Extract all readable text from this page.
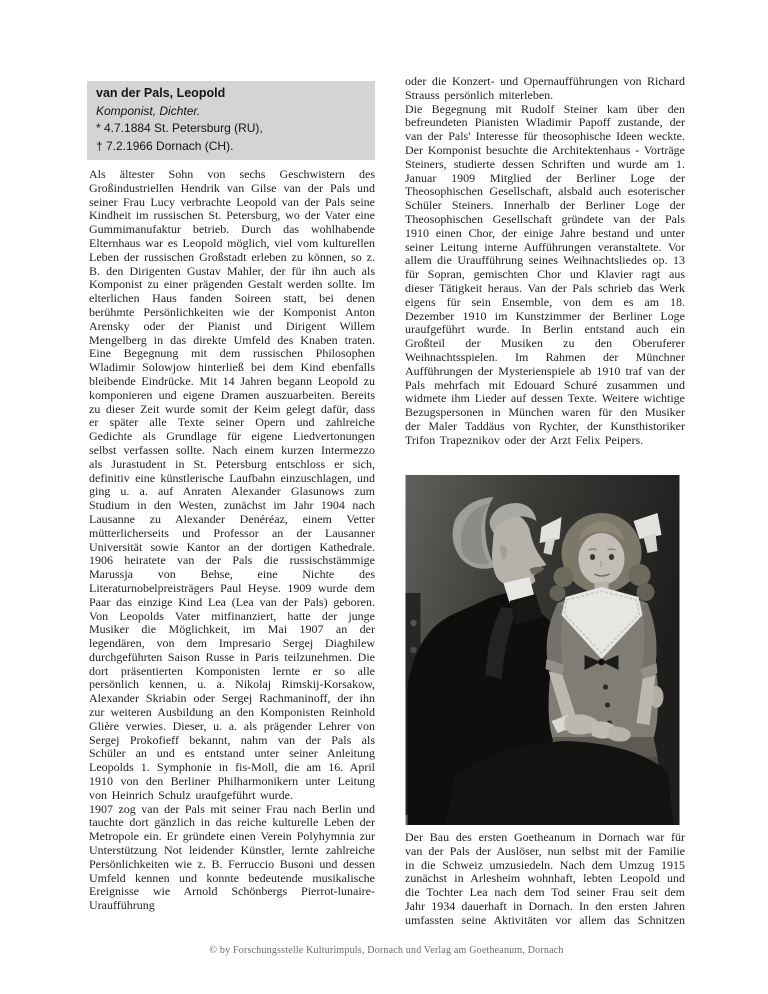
van der Pals, Leopold

Komponist, Dichter.

* 4.7.1884 St. Petersburg (RU),

† 7.2.1966 Dornach (CH).

Als ältester Sohn von sechs Geschwistern des Großindustriellen Hendrik van Gilse van der Pals und seiner Frau Lucy verbrachte Leopold van der Pals seine Kindheit im russischen St. Petersburg, wo der Vater eine Gummimanufaktur betrieb. Durch das wohlhabende Elternhaus war es Leopold möglich, viel vom kulturellen Leben der russischen Großstadt erleben zu können, so z. B. den Dirigenten Gustav Mahler, der für ihn auch als Komponist zu einer prägenden Gestalt werden sollte. Im elterlichen Haus fanden Soireen statt, bei denen berühmte Persönlichkeiten wie der Komponist Anton Arensky oder der Pianist und Dirigent Willem Mengelberg in das direkte Umfeld des Knaben traten. Eine Begegnung mit dem russischen Philosophen Wladimir Solowjow hinterließ bei dem Kind ebenfalls bleibende Eindrücke. Mit 14 Jahren begann Leopold zu komponieren und eigene Dramen auszuarbeiten. Bereits zu dieser Zeit wurde somit der Keim gelegt dafür, dass er später alle Texte seiner Opern und zahlreiche Gedichte als Grundlage für eigene Liedvertonungen selbst verfassen sollte. Nach einem kurzen Intermezzo als Jurastudent in St. Petersburg entschloss er sich, definitiv eine künstlerische Laufbahn einzuschlagen, und ging u. a. auf Anraten Alexander Glasunows zum Studium in den Westen, zunächst im Jahr 1904 nach Lausanne zu Alexander Denéréaz, einem Vetter mütterlicherseits und Professor an der Lausanner Universität sowie Kantor an der dortigen Kathedrale. 1906 heiratete van der Pals die russischstämmige Marussja von Behse, eine Nichte des Literaturnobelpreisträgers Paul Heyse. 1909 wurde dem Paar das einzige Kind Lea (Lea van der Pals) geboren. Von Leopolds Vater mitfinanziert, hatte der junge Musiker die Möglichkeit, im Mai 1907 an der legendären, von dem Impresario Sergej Diaghilew durchgeführten Saison Russe in Paris teilzunehmen. Die dort präsentierten Komponisten lernte er so alle persönlich kennen, u. a. Nikolaj Rimskij-Korsakow, Alexander Skriabin oder Sergej Rachmaninoff, der ihn zur weiteren Ausbildung an den Komponisten Reinhold Glière verwies. Dieser, u. a. als prägender Lehrer von Sergej Prokofieff bekannt, nahm van der Pals als Schüler an und es entstand unter seiner Anleitung Leopolds 1. Symphonie in fis-Moll, die am 16. April 1910 von den Berliner Philharmonikern unter Leitung von Heinrich Schulz uraufgeführt wurde.

1907 zog van der Pals mit seiner Frau nach Berlin und tauchte dort gänzlich in das reiche kulturelle Leben der Metropole ein. Er gründete einen Verein Polyhymnia zur Unterstützung Not leidender Künstler, lernte zahlreiche Persönlichkeiten wie z. B. Ferruccio Busoni und dessen Umfeld kennen und konnte bedeutende musikalische Ereignisse wie Arnold Schönbergs Pierrot-lunaire-Uraufführung

oder die Konzert- und Opernaufführungen von Richard Strauss persönlich miterleben.

Die Begegnung mit Rudolf Steiner kam über den befreundeten Pianisten Wladimir Papoff zustande, der van der Pals' Interesse für theosophische Ideen weckte. Der Komponist besuchte die Architektenhaus - Vorträge Steiners, studierte dessen Schriften und wurde am 1. Januar 1909 Mitglied der Berliner Loge der Theosophischen Gesellschaft, alsbald auch esoterischer Schüler Steiners. Innerhalb der Berliner Loge der Theosophischen Gesellschaft gründete van der Pals 1910 einen Chor, der einige Jahre bestand und unter seiner Leitung interne Aufführungen veranstaltete. Vor allem die Uraufführung seines Weihnachtsliedes op. 13 für Sopran, gemischten Chor und Klavier ragt aus dieser Tätigkeit heraus. Van der Pals schrieb das Werk eigens für sein Ensemble, von dem es am 18. Dezember 1910 im Kunstzimmer der Berliner Loge uraufgeführt wurde. In Berlin entstand auch ein Großteil der Musiken zu den Oberuferer Weihnachtsspielen. Im Rahmen der Münchner Aufführungen der Mysterienspiele ab 1910 traf van der Pals mehrfach mit Edouard Schuré zusammen und widmete ihm Lieder auf dessen Texte. Weitere wichtige Bezugspersonen in München waren für den Musiker der Maler Taddäus von Rychter, der Kunsthistoriker Trifon Trapeznikov oder der Arzt Felix Peipers.

Der Bau des ersten Goetheanum in Dornach war für van der Pals der Auslöser, nun selbst mit der Familie in die Schweiz umzusiedeln. Nach dem Umzug 1915 zunächst in Arlesheim wohnhaft, lebten Leopold und die Tochter Lea nach dem Tod seiner Frau seit dem Jahr 1934 dauerhaft in Dornach. In den ersten Jahren umfassten seine Aktivitäten vor allem das Schnitzen

© by Forschungsstelle Kulturimpuls, Dornach und Verlag am Goetheanum, Dornach
